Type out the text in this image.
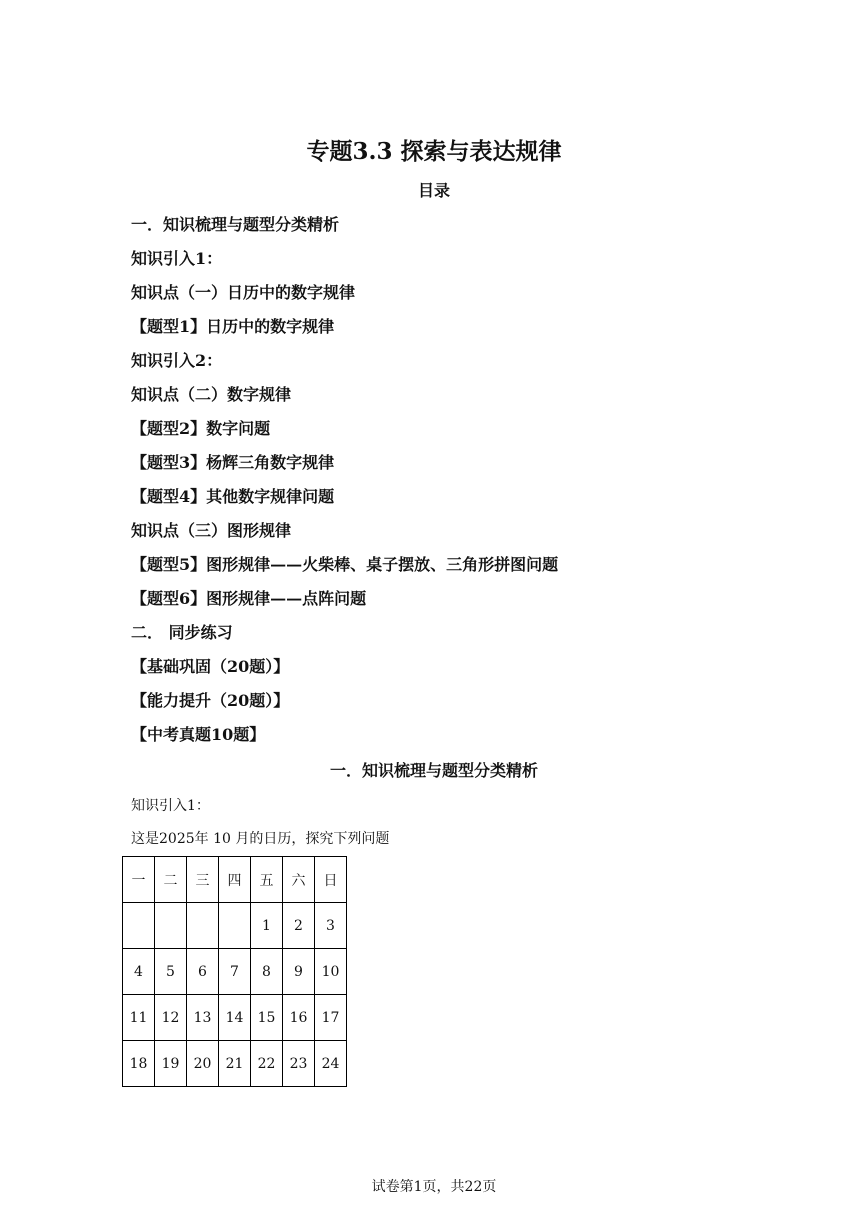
专题3.3 探索与表达规律
目录
一．知识梳理与题型分类精析
知识引入1：
知识点（一）日历中的数字规律
【题型1】日历中的数字规律
知识引入2：
知识点（二）数字规律
【题型2】数字问题
【题型3】杨辉三角数字规律
【题型4】其他数字规律问题
知识点（三）图形规律
【题型5】图形规律——火柴棒、桌子摆放、三角形拼图问题
【题型6】图形规律——点阵问题
二． 同步练习
【基础巩固（20题）】
【能力提升（20题）】
【中考真题10题】
一．知识梳理与题型分类精析
知识引入1：
这是2025年 10 月的日历，探究下列问题
一	二	三	四	五	六	日
				1	2	3
4	5	6	7	8	9	10
11	12	13	14	15	16	17
18	19	20	21	22	23	24
试卷第1页，共22页
